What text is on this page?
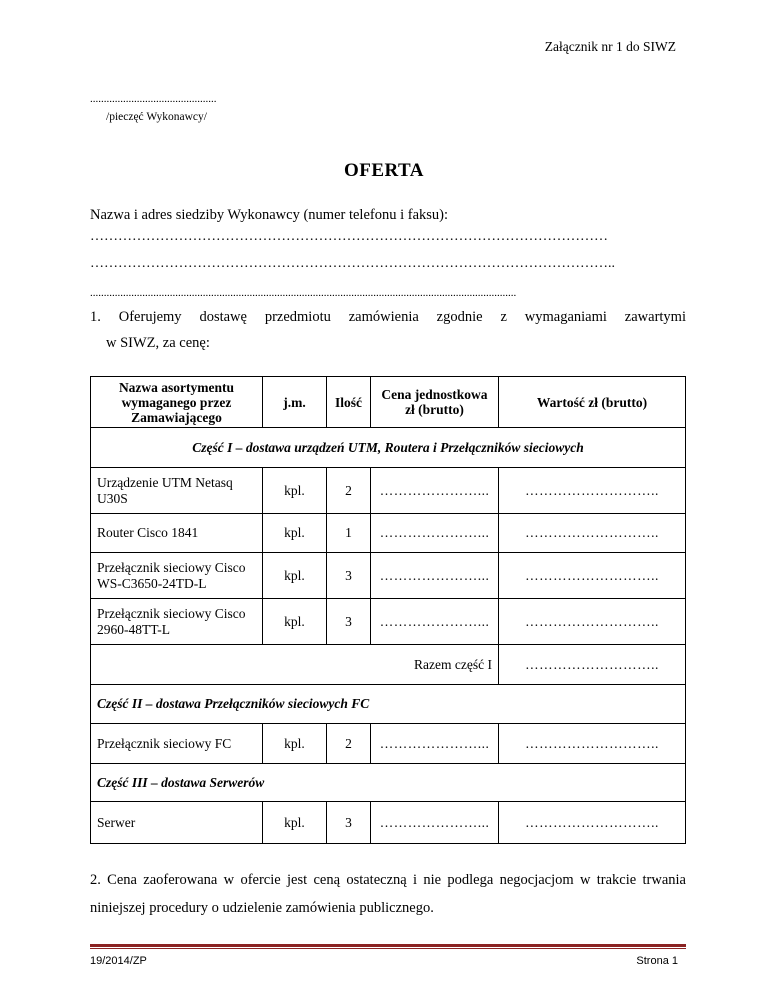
Załącznik nr 1 do SIWZ
..............................................
/pieczęć Wykonawcy/
OFERTA
Nazwa i adres siedziby Wykonawcy (numer telefonu i faksu):
…………………………………………………………………………………………………
…………………………………………………………………………………………………..
...........................................................................................................................................................
1. Oferujemy dostawę przedmiotu zamówienia zgodnie z wymaganiami zawartymi
w SIWZ, za cenę:
Nazwa asortymentu wymaganego przez Zamawiającego	j.m.	Ilość	Cena jednostkowa zł (brutto)	Wartość zł (brutto)
Część I – dostawa urządzeń UTM, Routera i Przełączników sieciowych				
Urządzenie UTM Netasq U30S	kpl.	2	…………………...	………………………..
Router Cisco 1841	kpl.	1	…………………...	………………………..
Przełącznik sieciowy Cisco WS-C3650-24TD-L	kpl.	3	…………………...	………………………..
Przełącznik sieciowy Cisco 2960-48TT-L	kpl.	3	…………………...	………………………..
Razem część I				………………………..
Część II – dostawa Przełączników sieciowych FC				
Przełącznik sieciowy FC	kpl.	2	…………………...	………………………..
Część III – dostawa Serwerów				
Serwer	kpl.	3	…………………...	………………………..
2. Cena zaoferowana w ofercie jest ceną ostateczną i nie podlega negocjacjom w trakcie trwania niniejszej procedury o udzielenie zamówienia publicznego.
19/2014/ZP	Strona 1
